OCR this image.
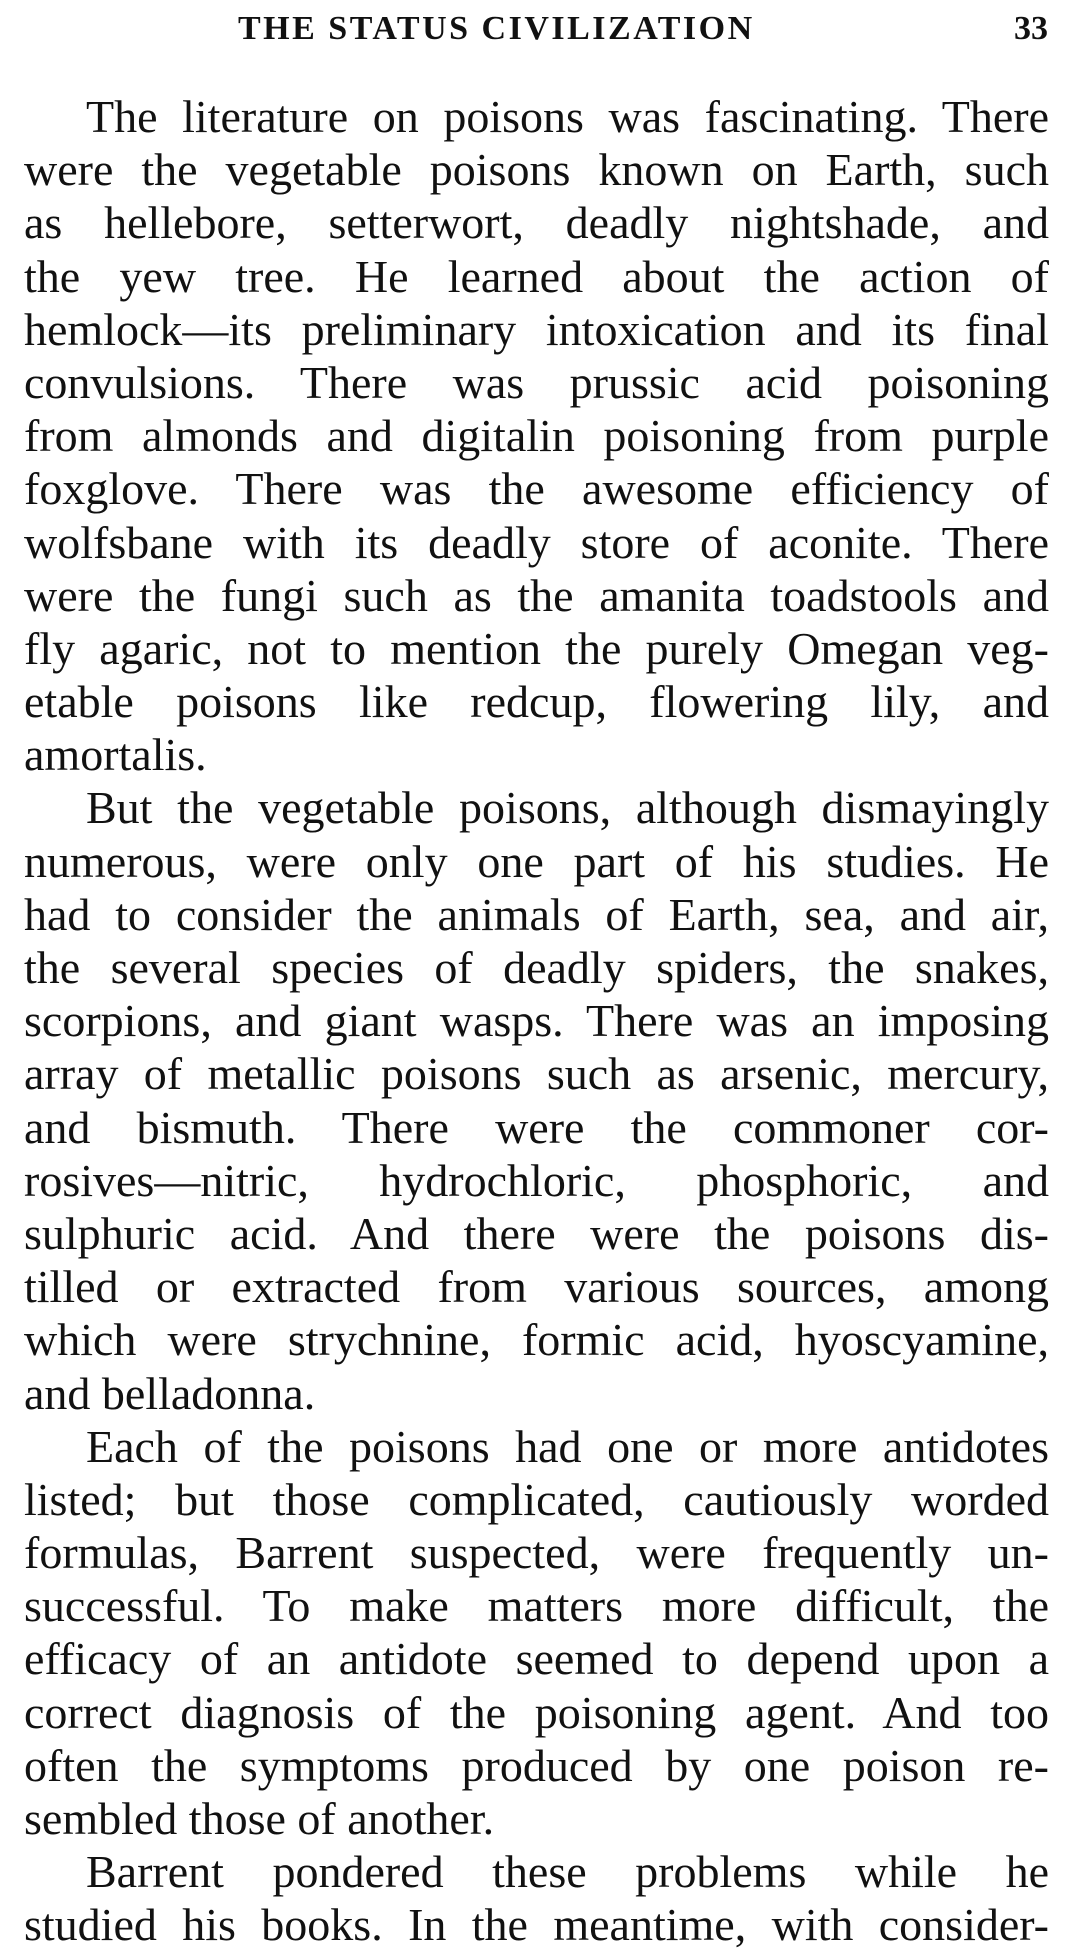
THE STATUS CIVILIZATION	33
The literature on poisons was fascinating. There
were the vegetable poisons known on Earth, such
as hellebore, setterwort, deadly nightshade, and
the yew tree. He learned about the action of
hemlock—its preliminary intoxication and its final
convulsions. There was prussic acid poisoning
from almonds and digitalin poisoning from purple
foxglove. There was the awesome efficiency of
wolfsbane with its deadly store of aconite. There
were the fungi such as the amanita toadstools and
fly agaric, not to mention the purely Omegan veg-
etable poisons like redcup, flowering lily, and
amortalis.
But the vegetable poisons, although dismayingly
numerous, were only one part of his studies. He
had to consider the animals of Earth, sea, and air,
the several species of deadly spiders, the snakes,
scorpions, and giant wasps. There was an imposing
array of metallic poisons such as arsenic, mercury,
and bismuth. There were the commoner cor-
rosives—nitric, hydrochloric, phosphoric, and
sulphuric acid. And there were the poisons dis-
tilled or extracted from various sources, among
which were strychnine, formic acid, hyoscyamine,
and belladonna.
Each of the poisons had one or more antidotes
listed; but those complicated, cautiously worded
formulas, Barrent suspected, were frequently un-
successful. To make matters more difficult, the
efficacy of an antidote seemed to depend upon a
correct diagnosis of the poisoning agent. And too
often the symptoms produced by one poison re-
sembled those of another.
Barrent pondered these problems while he
studied his books. In the meantime, with consider-
